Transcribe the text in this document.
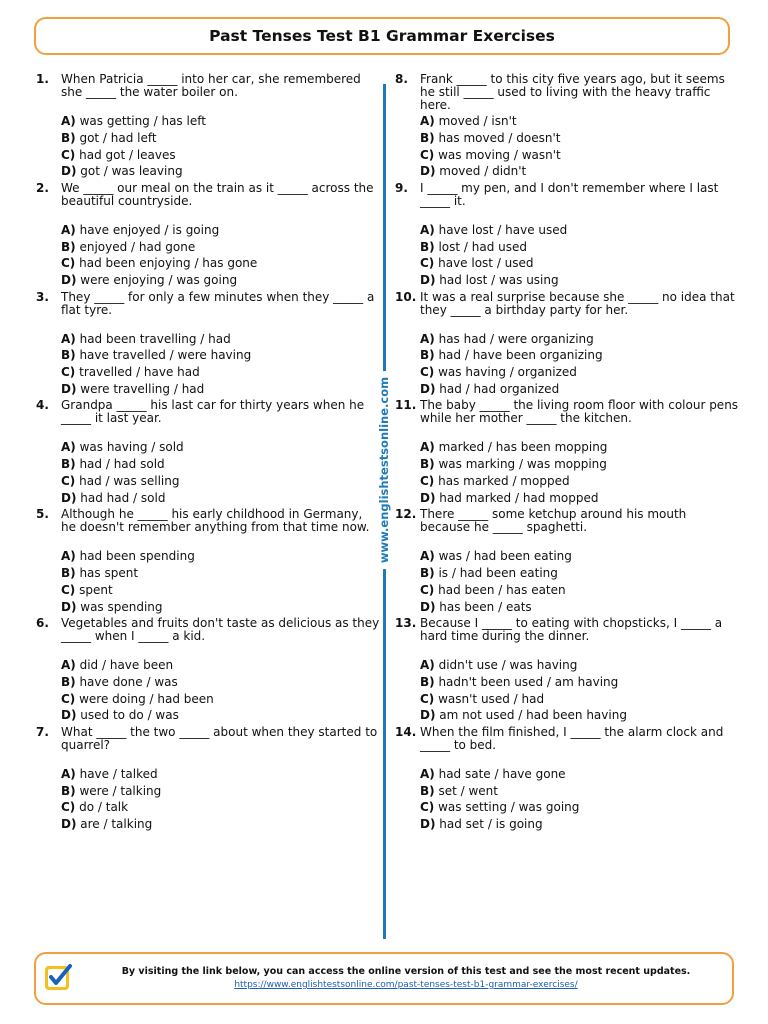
Past Tenses Test B1 Grammar Exercises
www.englishtestsonline.com
1.	When Patricia _____ into her car, she remembered she _____ the water boiler on.
A) was getting / has left
B) got / had left
C) had got / leaves
D) got / was leaving
2.	We _____ our meal on the train as it _____ across the beautiful countryside.
A) have enjoyed / is going
B) enjoyed / had gone
C) had been enjoying / has gone
D) were enjoying / was going
3.	They _____ for only a few minutes when they _____ a flat tyre.
A) had been travelling / had
B) have travelled / were having
C) travelled / have had
D) were travelling / had
4.	Grandpa _____ his last car for thirty years when he _____ it last year.
A) was having / sold
B) had / had sold
C) had / was selling
D) had had / sold
5.	Although he _____ his early childhood in Germany, he doesn't remember anything from that time now.
A) had been spending
B) has spent
C) spent
D) was spending
6.	Vegetables and fruits don't taste as delicious as they _____ when I _____ a kid.
A) did / have been
B) have done / was
C) were doing / had been
D) used to do / was
7.	What _____ the two _____ about when they started to quarrel?
A) have / talked
B) were / talking
C) do / talk
D) are / talking
8.	Frank _____ to this city five years ago, but it seems he still _____ used to living with the heavy traffic here.
A) moved / isn't
B) has moved / doesn't
C) was moving / wasn't
D) moved / didn't
9.	I _____ my pen, and I don't remember where I last _____ it.
A) have lost / have used
B) lost / had used
C) have lost / used
D) had lost / was using
10. It was a real surprise because she _____ no idea that they _____ a birthday party for her.
A) has had / were organizing
B) had / have been organizing
C) was having / organized
D) had / had organized
11. The baby _____ the living room floor with colour pens while her mother _____ the kitchen.
A) marked / has been mopping
B) was marking / was mopping
C) has marked / mopped
D) had marked / had mopped
12. There _____ some ketchup around his mouth because he _____ spaghetti.
A) was / had been eating
B) is / had been eating
C) had been / has eaten
D) has been / eats
13. Because I _____ to eating with chopsticks, I _____ a hard time during the dinner.
A) didn't use / was having
B) hadn't been used / am having
C) wasn't used / had
D) am not used / had been having
14. When the film finished, I _____ the alarm clock and _____ to bed.
A) had sate / have gone
B) set / went
C) was setting / was going
D) had set / is going
By visiting the link below, you can access the online version of this test and see the most recent updates.
https://www.englishtestsonline.com/past-tenses-test-b1-grammar-exercises/
